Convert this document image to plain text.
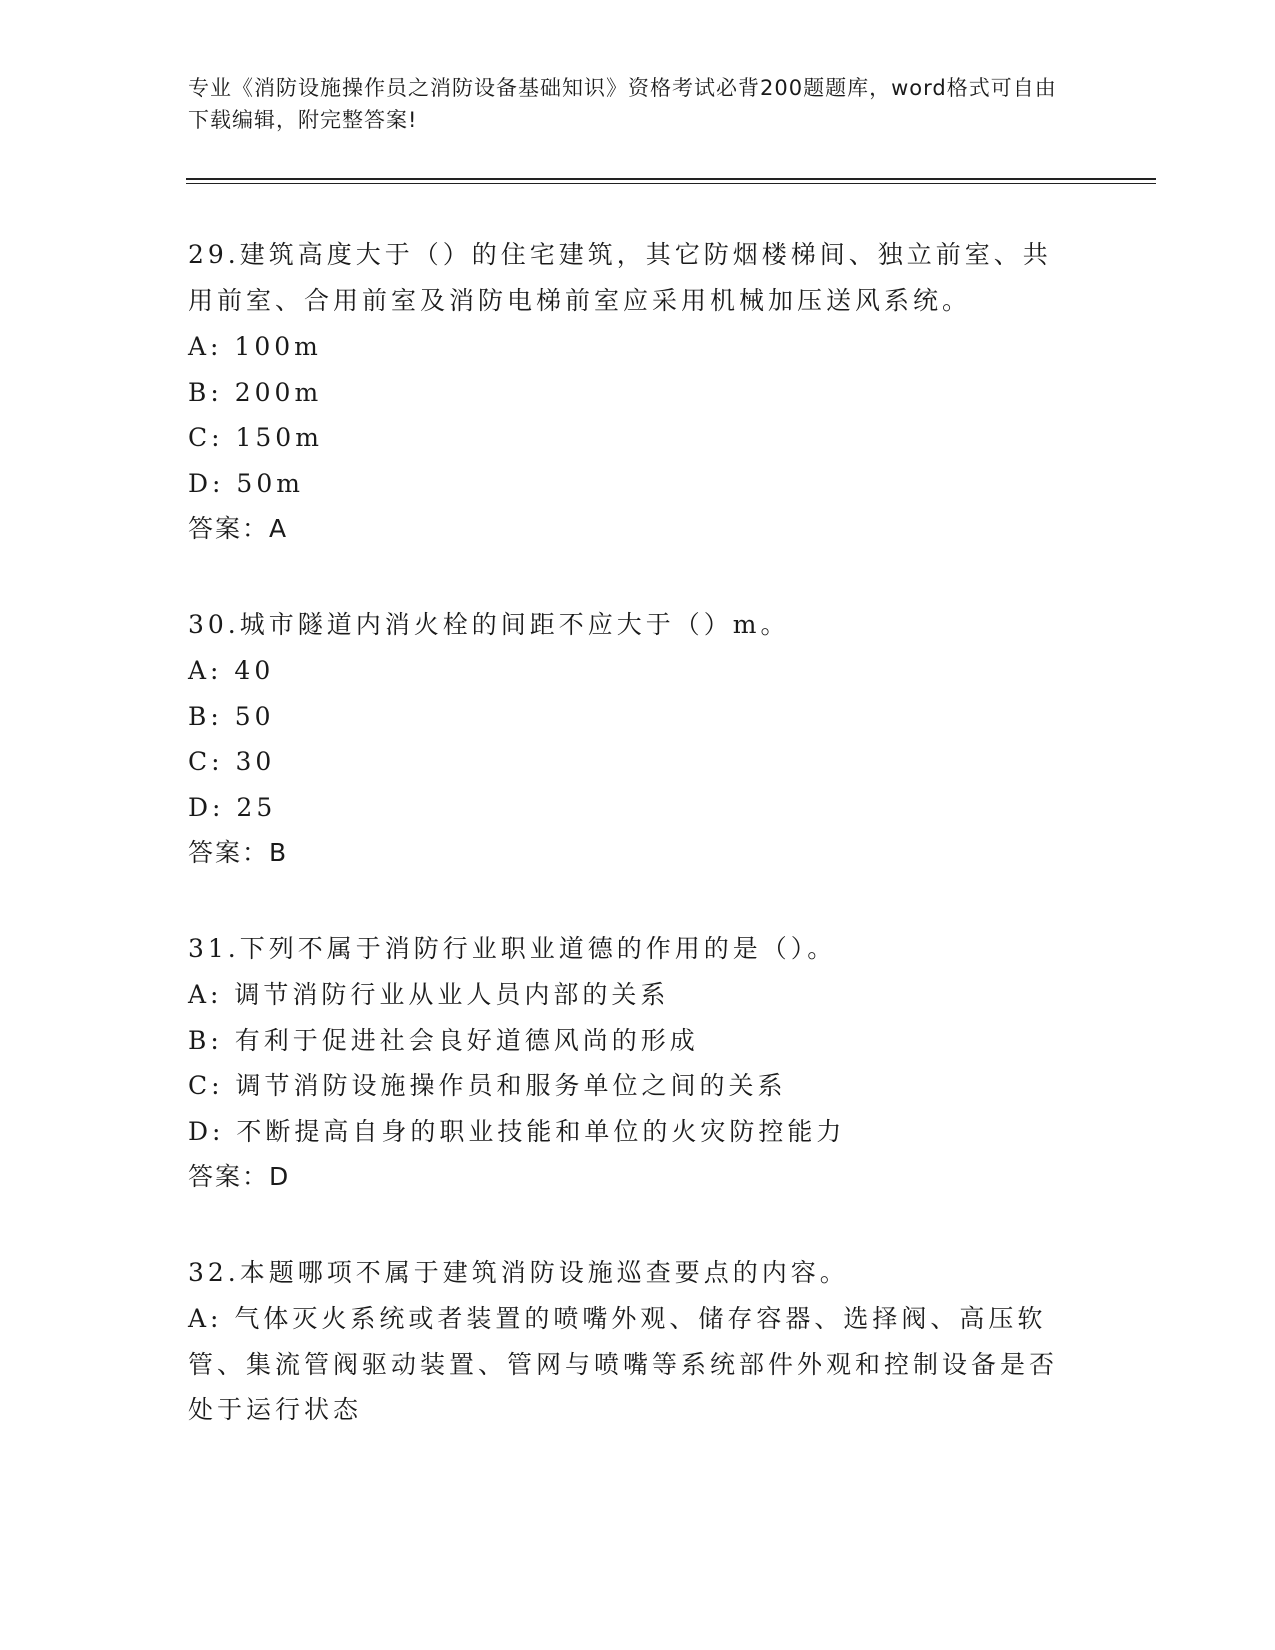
专业《消防设施操作员之消防设备基础知识》资格考试必背200题题库，word格式可自由下载编辑，附完整答案!
29.建筑高度大于（）的住宅建筑，其它防烟楼梯间、独立前室、共用前室、合用前室及消防电梯前室应采用机械加压送风系统。
A: 100m
B: 200m
C: 150m
D: 50m
答案：A
30.城市隧道内消火栓的间距不应大于（）m。
A: 40
B: 50
C: 30
D: 25
答案：B
31.下列不属于消防行业职业道德的作用的是（）。
A: 调节消防行业从业人员内部的关系
B: 有利于促进社会良好道德风尚的形成
C: 调节消防设施操作员和服务单位之间的关系
D: 不断提高自身的职业技能和单位的火灾防控能力
答案：D
32.本题哪项不属于建筑消防设施巡查要点的内容。
A: 气体灭火系统或者装置的喷嘴外观、储存容器、选择阀、高压软管、集流管阀驱动装置、管网与喷嘴等系统部件外观和控制设备是否处于运行状态
